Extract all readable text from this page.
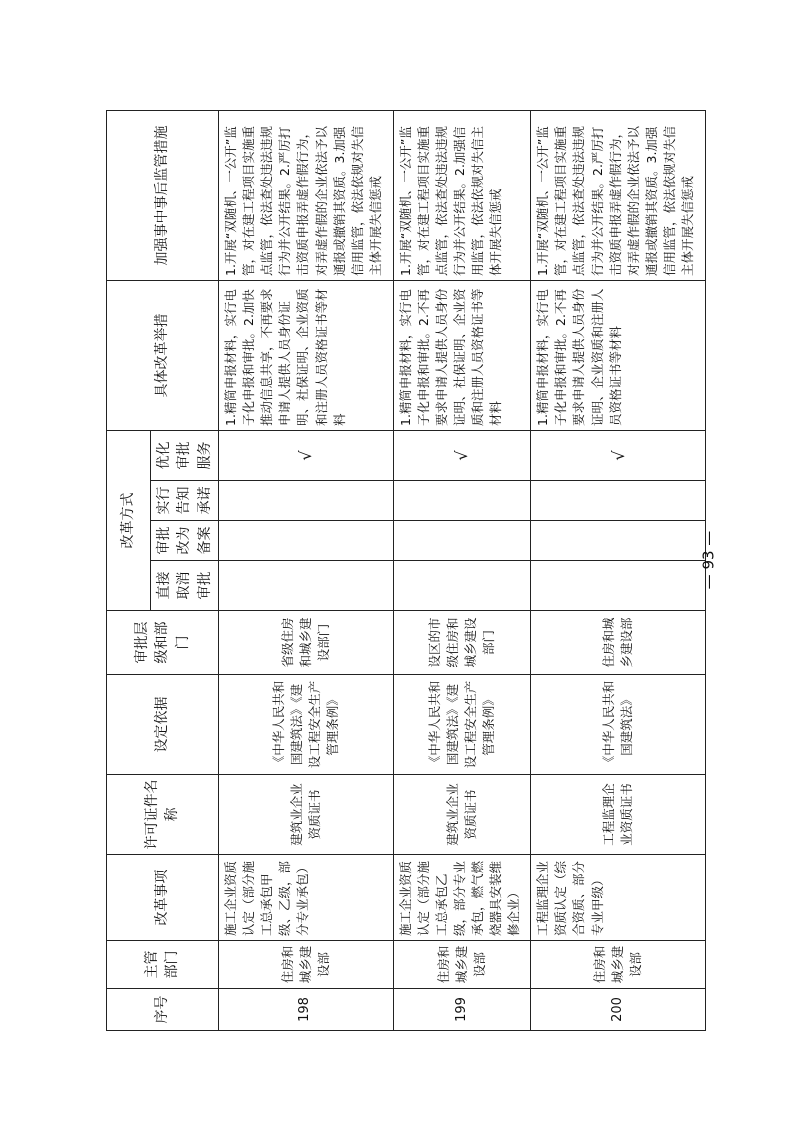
序号	主管部门	改革事项	许可证件名称	设定依据	审批层级和部门	改革方式				具体改革举措	加强事中事后监管措施
						直接取消审批	审批改为备案	实行告知承诺	优化审批服务		
198	住房和城乡建设部	施工企业资质认定（部分施工总承包甲级、乙级，部分专业承包）	建筑业企业资质证书	《中华人民共和国建筑法》《建设工程安全生产管理条例》	省级住房和城乡建设部门				√	1.精简申报材料，实行电子化申报和审批。2.加快推动信息共享，不再要求申请人提供人员身份证明、社保证明、企业资质和注册人员资格证书等材料	1.开展“双随机、一公开”监管，对在建工程项目实施重点监管，依法查处违法违规行为并公开结果。2.严厉打击资质申报弄虚作假行为，对弄虚作假的企业依法予以通报或撤销其资质。3.加强信用监管，依法依规对失信主体开展失信惩戒
199	住房和城乡建设部	施工企业资质认定（部分施工总承包乙级，部分专业承包，燃气燃烧器具安装维修企业）	建筑业企业资质证书	《中华人民共和国建筑法》《建设工程安全生产管理条例》	设区的市级住房和城乡建设部门				√	1.精简申报材料，实行电子化申报和审批。2.不再要求申请人提供人员身份证明、社保证明、企业资质和注册人员资格证书等材料	1.开展“双随机、一公开”监管，对在建工程项目实施重点监管，依法查处违法违规行为并公开结果。2.加强信用监管，依法依规对失信主体开展失信惩戒
200	住房和城乡建设部	工程监理企业资质认定（综合资质、部分专业甲级）	工程监理企业资质证书	《中华人民共和国建筑法》	住房和城乡建设部				√	1.精简申报材料，实行电子化申报和审批。2.不再要求申请人提供人员身份证明、企业资质和注册人员资格证书等材料	1.开展“双随机、一公开”监管，对在建工程项目实施重点监管，依法查处违法违规行为并公开结果。2.严厉打击资质申报弄虚作假行为，对弄虚作假的企业依法予以通报或撤销其资质。3.加强信用监管，依法依规对失信主体开展失信惩戒
— 93 —
